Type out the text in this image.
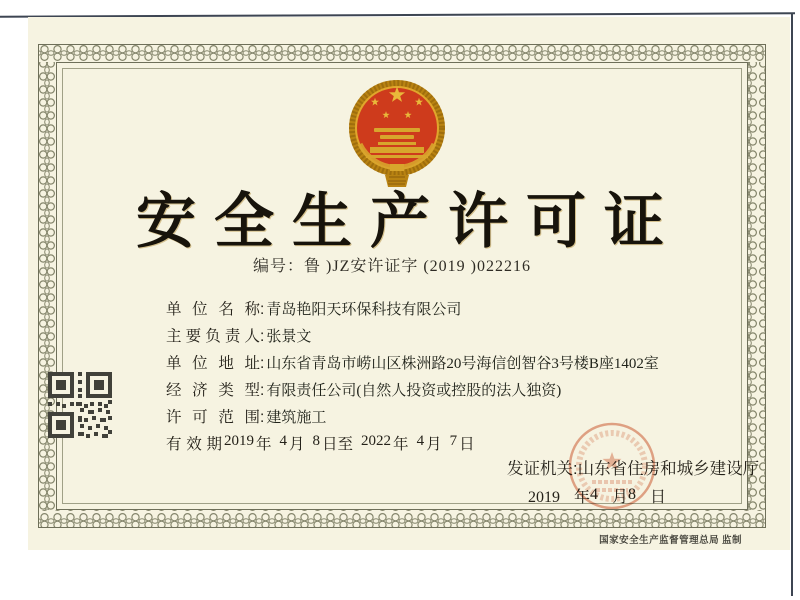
安全生产许可证
编号：鲁 )JZ安许证字 (2019 )022216
单位名称 : 青岛艳阳天环保科技有限公司
主要负责人 : 张景文
单位地址 : 山东省青岛市崂山区株洲路20号海信创智谷3号楼B座1402室
经济类型 : 有限责任公司(自然人投资或控股的法人独资)
许可范围 : 建筑施工
有效期 2019 年 4 月 8 日至 2022 年 4 月 7 日
发证机关:山东省住房和城乡建设厅
2019 年4 月8 日
国家安全生产监督管理总局 监制
